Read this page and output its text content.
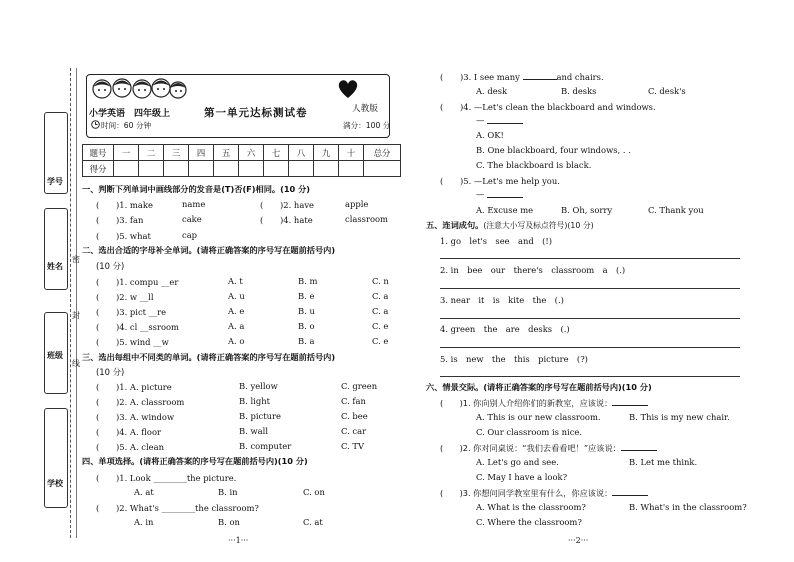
学号
姓名
班级
学校
密
封
线
小学英语 四年级上	第一单元达标测试卷	人教版
时间：60 分钟	满分：100 分
题号	一	二	三	四	五	六	七	八	九	十	总分
得分											
一、判断下列单词中画线部分的发音是(T)否(F)相同。(10 分)
(　　)1. make	name	(　　)2. have	apple
(　　)3. fan	cake	(　　)4. hate	classroom
(　　)5. what	cap
二、选出合适的字母补全单词。(请将正确答案的序号写在题前括号内)
(10 分)
(　　)1. compu __er	A. t	B. m	C. n
(　　)2. w __ll	A. u	B. e	C. a
(　　)3. pict __re	A. e	B. u	C. a
(　　)4. cl __ssroom	A. a	B. o	C. e
(　　)5. wind __w	A. o	B. a	C. e
三、选出每组中不同类的单词。(请将正确答案的序号写在题前括号内)
(10 分)
(　　)1. A. picture	B. yellow	C. green
(　　)2. A. classroom	B. light	C. fan
(　　)3. A. window	B. picture	C. bee
(　　)4. A. floor	B. wall	C. car
(　　)5. A. clean	B. computer	C. TV
四、单项选择。(请将正确答案的序号写在题前括号内)(10 分)
(　　)1. Look ________the picture.
A. at	B. in	C. on
(　　)2. What's ________the classroom?
A. in	B. on	C. at
···1···
(　　)3. I see many	and chairs.
A. desk	B. desks	C. desk's
(　　)4. —Let's clean the blackboard and windows.
—
A. OK!
B. One blackboard, four windows, . .
C. The blackboard is black.
(　　)5. —Let's me help you.
—
A. Excuse me	B. Oh, sorry	C. Thank you
五、连词成句。(注意大小写及标点符号)(10 分)
1. go　let's　see　and　(!)
2. in　bee　our　there's　classroom　a　(.)
3. near　it　is　kite　the　(.)
4. green　the　are　desks　(.)
5. is　new　the　this　picture　(?)
六、情景交际。(请将正确答案的序号写在题前括号内)(10 分)
(　　)1. 你向别人介绍你们的新教室，应该说：
A. This is our new classroom.	B. This is my new chair.
C. Our classroom is nice.
(　　)2. 你对同桌说：“我们去看看吧！”应该说：
A. Let's go and see.	B. Let me think.
C. May I have a look?
(　　)3. 你想问同学教室里有什么，你应该说：
A. What is the classroom?	B. What's in the classroom?
C. Where the classroom?
···2···
